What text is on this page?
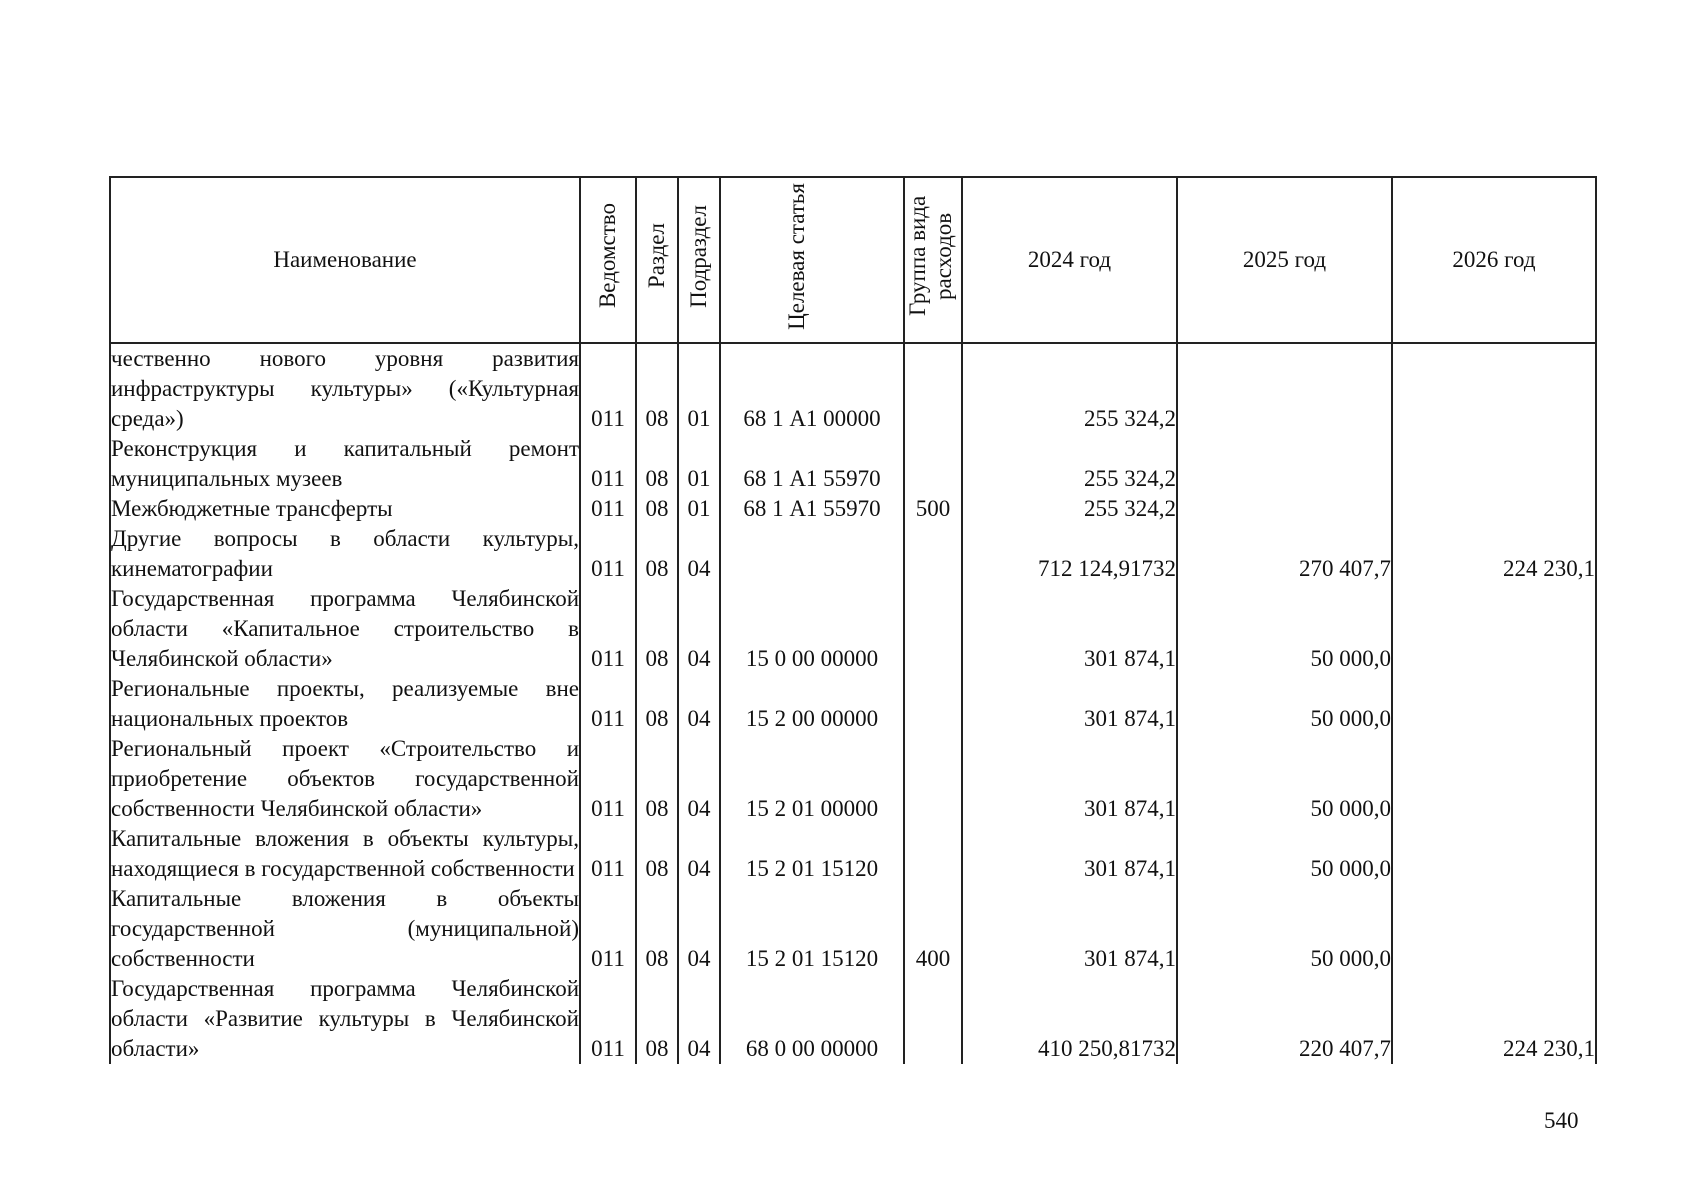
Наименование	Ведомство	Раздел	Подраздел	Целевая статья	Группа вида расходов	2024 год	2025 год	2026 год
чественно нового уровня развития инфраструктуры культуры» («Культурная среда»)	011	08	01	68 1 А1 00000		255 324,2		
Реконструкция и капитальный ремонт муниципальных музеев	011	08	01	68 1 А1 55970		255 324,2		
Межбюджетные трансферты	011	08	01	68 1 А1 55970	500	255 324,2		
Другие вопросы в области культуры, кинематографии	011	08	04			712 124,91732	270 407,7	224 230,1
Государственная программа Челябинской области «Капитальное строительство в Челябинской области»	011	08	04	15 0 00 00000		301 874,1	50 000,0	
Региональные проекты, реализуемые вне национальных проектов	011	08	04	15 2 00 00000		301 874,1	50 000,0	
Региональный проект «Строительство и приобретение объектов государственной собственности Челябинской области»	011	08	04	15 2 01 00000		301 874,1	50 000,0	
Капитальные вложения в объекты культуры, находящиеся в государственной собственности	011	08	04	15 2 01 15120		301 874,1	50 000,0	
Капитальные вложения в объекты государственной (муниципальной) собственности	011	08	04	15 2 01 15120	400	301 874,1	50 000,0	
Государственная программа Челябинской области «Развитие культуры в Челябинской области»	011	08	04	68 0 00 00000		410 250,81732	220 407,7	224 230,1
540
